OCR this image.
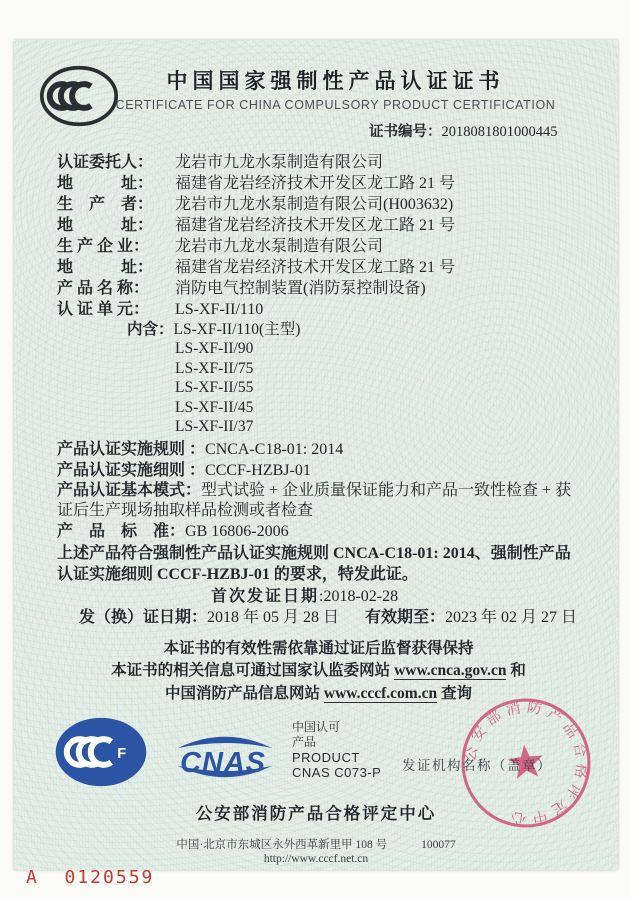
中国国家强制性产品认证证书
CERTIFICATE FOR CHINA COMPULSORY PRODUCT CERTIFICATION
证书编号：2018081801000445

认证委托人： 龙岩市九龙水泵制造有限公司

地　　　址： 福建省龙岩经济技术开发区龙工路 21 号

生　产　者： 龙岩市九龙水泵制造有限公司(H003632)

地　　　址： 福建省龙岩经济技术开发区龙工路 21 号

生 产 企 业： 龙岩市九龙水泵制造有限公司

地　　　址： 福建省龙岩经济技术开发区龙工路 21 号

产 品 名 称： 消防电气控制装置(消防泵控制设备)

认 证 单 元： LS-XF-II/110

内含：LS-XF-II/110(主型)

LS-XF-II/90

LS-XF-II/75

LS-XF-II/55

LS-XF-II/45

LS-XF-II/37

产品认证实施规则 ：CNCA-C18-01: 2014

产品认证实施细则 ：CCCF-HZBJ-01

产品认证基本模式：型式试验 + 企业质量保证能力和产品一致性检查 + 获证后生产现场抽取样品检测或者检查

产　品　标　准：GB 16806-2006

上述产品符合强制性产品认证实施规则 CNCA-C18-01: 2014、强制性产品认证实施细则 CCCF-HZBJ-01 的要求，特发此证。

首次发证日期:2018-02-28

发（换）证日期：2018 年 05 月 28 日 有效期至：2023 年 02 月 27 日

本证书的有效性需依靠通过证后监督获得保持

本证书的相关信息可通过国家认监委网站 www.cnca.gov.cn 和

中国消防产品信息网站 www.cccf.com.cn 查询

F CNAS
中国认可
产品
PRODUCT
CNAS C073-P
公安部消防产品合格评定中心
发证机构名称（盖章）
公安部消防产品合格评定中心
中国·北京市东城区永外西革新里甲 108 号	100077
http://www.cccf.net.cn
A  0120559
